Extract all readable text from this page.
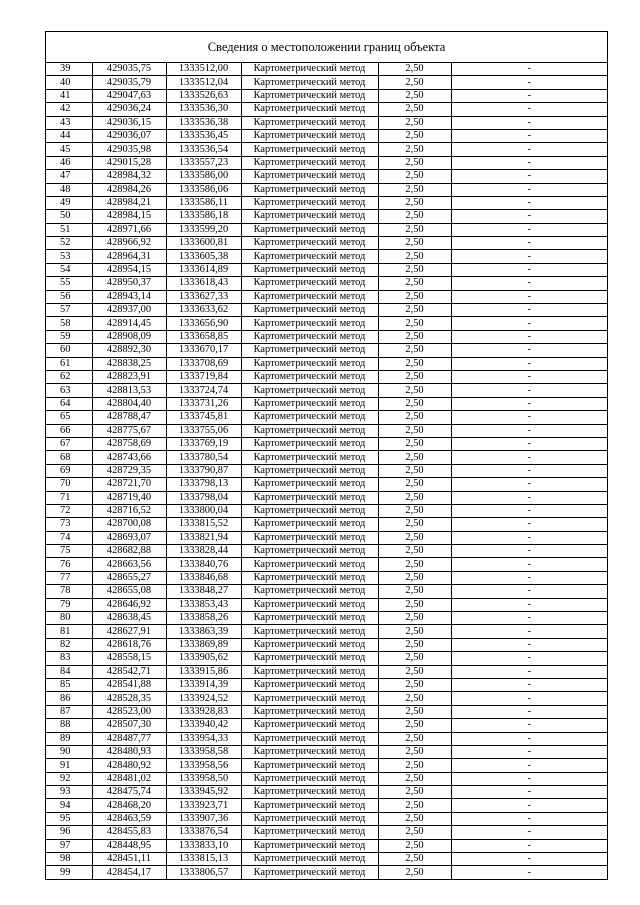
Сведения о местоположении границ объекта
39	429035,75	1333512,00	Картометрический метод	2,50	-
40	429035,79	1333512,04	Картометрический метод	2,50	-
41	429047,63	1333526,63	Картометрический метод	2,50	-
42	429036,24	1333536,30	Картометрический метод	2,50	-
43	429036,15	1333536,38	Картометрический метод	2,50	-
44	429036,07	1333536,45	Картометрический метод	2,50	-
45	429035,98	1333536,54	Картометрический метод	2,50	-
46	429015,28	1333557,23	Картометрический метод	2,50	-
47	428984,32	1333586,00	Картометрический метод	2,50	-
48	428984,26	1333586,06	Картометрический метод	2,50	-
49	428984,21	1333586,11	Картометрический метод	2,50	-
50	428984,15	1333586,18	Картометрический метод	2,50	-
51	428971,66	1333599,20	Картометрический метод	2,50	-
52	428966,92	1333600,81	Картометрический метод	2,50	-
53	428964,31	1333605,38	Картометрический метод	2,50	-
54	428954,15	1333614,89	Картометрический метод	2,50	-
55	428950,37	1333618,43	Картометрический метод	2,50	-
56	428943,14	1333627,33	Картометрический метод	2,50	-
57	428937,00	1333633,62	Картометрический метод	2,50	-
58	428914,45	1333656,90	Картометрический метод	2,50	-
59	428908,09	1333658,85	Картометрический метод	2,50	-
60	428892,30	1333670,17	Картометрический метод	2,50	-
61	428838,25	1333708,69	Картометрический метод	2,50	-
62	428823,91	1333719,84	Картометрический метод	2,50	-
63	428813,53	1333724,74	Картометрический метод	2,50	-
64	428804,40	1333731,26	Картометрический метод	2,50	-
65	428788,47	1333745,81	Картометрический метод	2,50	-
66	428775,67	1333755,06	Картометрический метод	2,50	-
67	428758,69	1333769,19	Картометрический метод	2,50	-
68	428743,66	1333780,54	Картометрический метод	2,50	-
69	428729,35	1333790,87	Картометрический метод	2,50	-
70	428721,70	1333798,13	Картометрический метод	2,50	-
71	428719,40	1333798,04	Картометрический метод	2,50	-
72	428716,52	1333800,04	Картометрический метод	2,50	-
73	428700,08	1333815,52	Картометрический метод	2,50	-
74	428693,07	1333821,94	Картометрический метод	2,50	-
75	428682,88	1333828,44	Картометрический метод	2,50	-
76	428663,56	1333840,76	Картометрический метод	2,50	-
77	428655,27	1333846,68	Картометрический метод	2,50	-
78	428655,08	1333848,27	Картометрический метод	2,50	-
79	428646,92	1333853,43	Картометрический метод	2,50	-
80	428638,45	1333858,26	Картометрический метод	2,50	-
81	428627,91	1333863,39	Картометрический метод	2,50	-
82	428618,76	1333869,89	Картометрический метод	2,50	-
83	428558,15	1333905,62	Картометрический метод	2,50	-
84	428542,71	1333915,86	Картометрический метод	2,50	-
85	428541,88	1333914,39	Картометрический метод	2,50	-
86	428528,35	1333924,52	Картометрический метод	2,50	-
87	428523,00	1333928,83	Картометрический метод	2,50	-
88	428507,30	1333940,42	Картометрический метод	2,50	-
89	428487,77	1333954,33	Картометрический метод	2,50	-
90	428480,93	1333958,58	Картометрический метод	2,50	-
91	428480,92	1333958,56	Картометрический метод	2,50	-
92	428481,02	1333958,50	Картометрический метод	2,50	-
93	428475,74	1333945,92	Картометрический метод	2,50	-
94	428468,20	1333923,71	Картометрический метод	2,50	-
95	428463,59	1333907,36	Картометрический метод	2,50	-
96	428455,83	1333876,54	Картометрический метод	2,50	-
97	428448,95	1333833,10	Картометрический метод	2,50	-
98	428451,11	1333815,13	Картометрический метод	2,50	-
99	428454,17	1333806,57	Картометрический метод	2,50	-
